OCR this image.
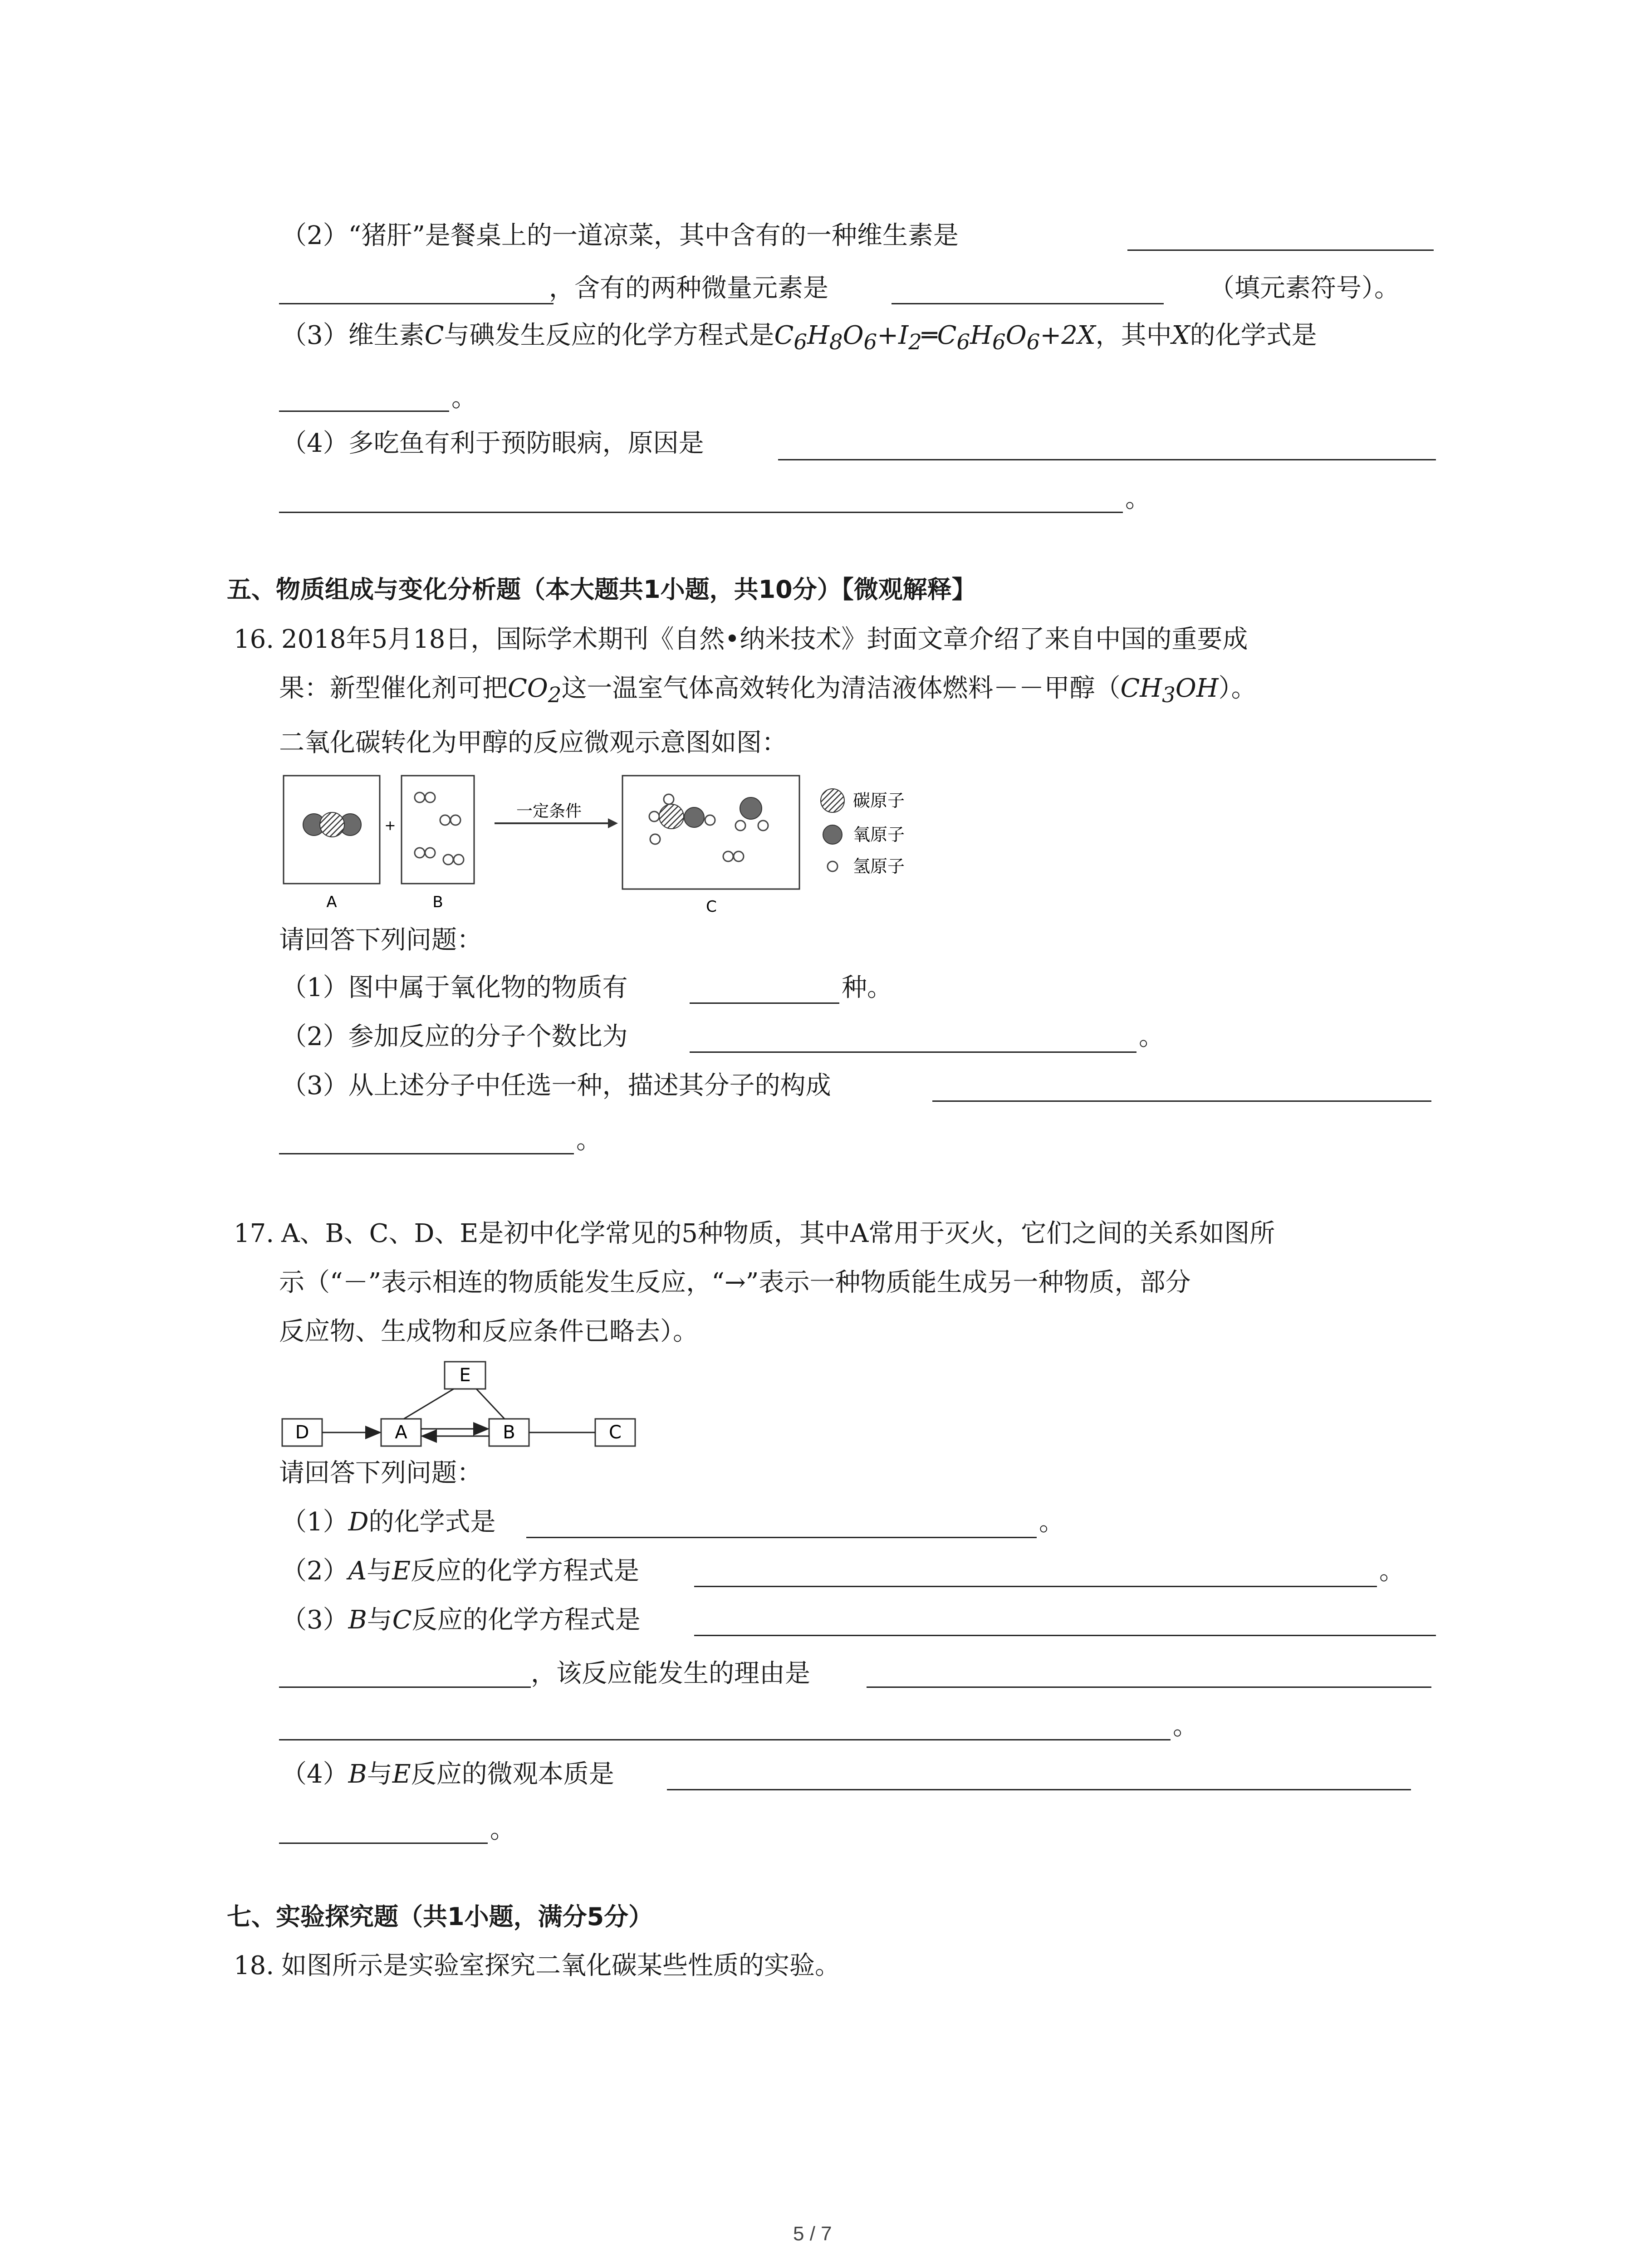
（2）“猪肝”是餐桌上的一道凉菜，其中含有的一种维生素是
，含有的两种微量元素是	（填元素符号）。
（3）维生素C与碘发生反应的化学方程式是$C_6H_8O_6+I_2═C_6H_6O_6+2X$，其中X的化学式是
。
（4）多吃鱼有利于预防眼病，原因是
。
五、物质组成与变化分析题（本大题共1小题，共10分）【微观解释】
16. 2018年5月18日，国际学术期刊《自然•纳米技术》封面文章介绍了来自中国的重要成
果：新型催化剂可把$CO_2$这一温室气体高效转化为清洁液体燃料－－甲醇$(CH_3OH)$。
二氧化碳转化为甲醇的反应微观示意图如图：
A
+
B
一定条件
C
碳原子
氧原子
氢原子
请回答下列问题：
（1）图中属于氧化物的物质有	种。
（2）参加反应的分子个数比为	。
（3）从上述分子中任选一种，描述其分子的构成
。
17. A、B、C、D、E是初中化学常见的5种物质，其中A常用于灭火，它们之间的关系如图所
示（“－”表示相连的物质能发生反应，“→”表示一种物质能生成另一种物质，部分
反应物、生成物和反应条件已略去）。
D	A	B	C
E
请回答下列问题：
（1）D的化学式是	。
（2）A与E反应的化学方程式是	。
（3）B与C反应的化学方程式是
，该反应能发生的理由是
。
（4）B与E反应的微观本质是
。
七、实验探究题（共1小题，满分5分）
18. 如图所示是实验室探究二氧化碳某些性质的实验。
5 / 7
